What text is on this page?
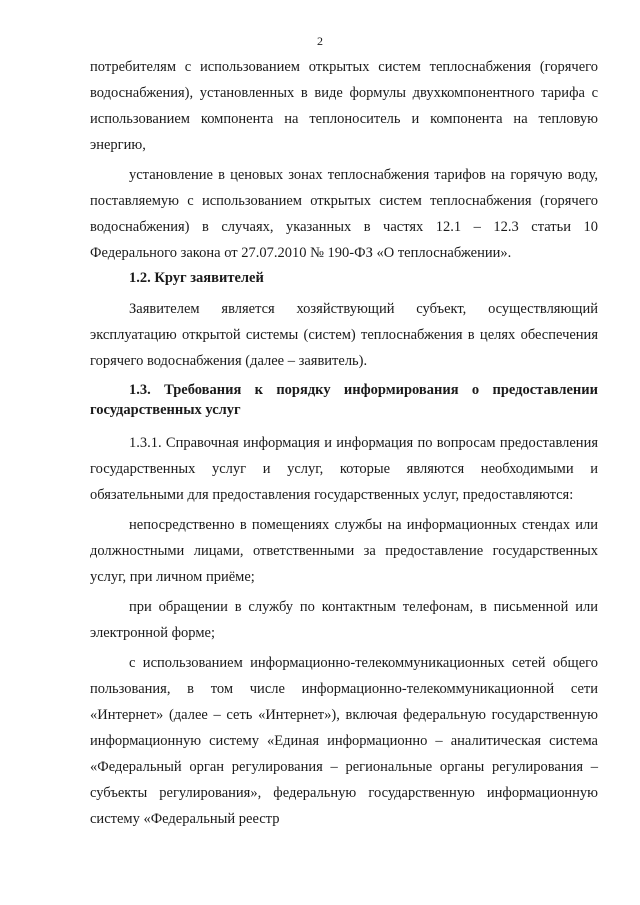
2

потребителям с использованием открытых систем теплоснабжения (горячего водоснабжения), установленных в виде формулы двухкомпонентного тарифа с использованием компонента на теплоноситель и компонента на тепловую энергию,

установление в ценовых зонах теплоснабжения тарифов на горячую воду, поставляемую с использованием открытых систем теплоснабжения (горячего водоснабжения) в случаях, указанных в частях 12.1 – 12.3 статьи 10 Федерального закона от 27.07.2010 № 190-ФЗ «О теплоснабжении».

1.2. Круг заявителей

Заявителем является хозяйствующий субъект, осуществляющий эксплуатацию открытой системы (систем) теплоснабжения в целях обеспечения горячего водоснабжения (далее – заявитель).

1.3. Требования к порядку информирования о предоставлении государственных услуг

1.3.1. Справочная информация и информация по вопросам предоставления государственных услуг и услуг, которые являются необходимыми и обязательными для предоставления государственных услуг, предоставляются:

непосредственно в помещениях службы на информационных стендах или должностными лицами, ответственными за предоставление государственных услуг, при личном приёме;

при обращении в службу по контактным телефонам, в письменной или электронной форме;

с использованием информационно-телекоммуникационных сетей общего пользования, в том числе информационно-телекоммуникационной сети «Интернет» (далее – сеть «Интернет»), включая федеральную государственную информационную систему «Единая информационно – аналитическая система «Федеральный орган регулирования – региональные органы регулирования – субъекты регулирования», федеральную государственную информационную систему «Федеральный реестр
